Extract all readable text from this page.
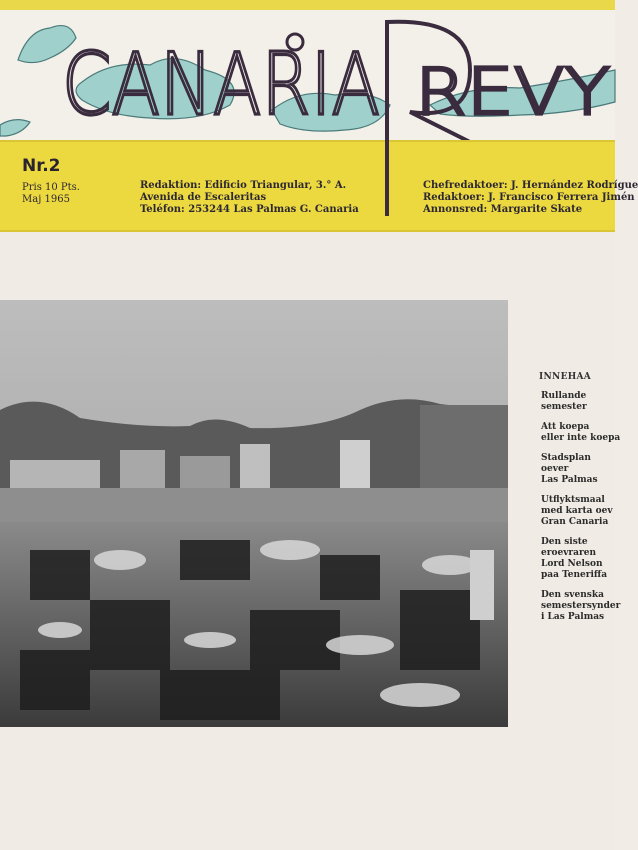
CANARIA REVY
Nr.2
Pris 10 Pts.
Maj 1965
Redaktion: Edificio Triangular, 3.° A.
Avenida de Escaleritas
Teléfon: 253244 Las Palmas G. Canaria
Chefredaktoer: J. Hernández Rodrígue
Redaktoer: J. Francisco Ferrera Jimén
Annonsred: Margarite Skate
INNEHAA
Rullande
semester
Att koepa
eller inte koepa
Stadsplan
oever
Las Palmas
Utflyktsmaal
med karta oev
Gran Canaria
Den siste
eroevraren
Lord Nelson
paa Teneriffa
Den svenska
semestersynder
i Las Palmas
